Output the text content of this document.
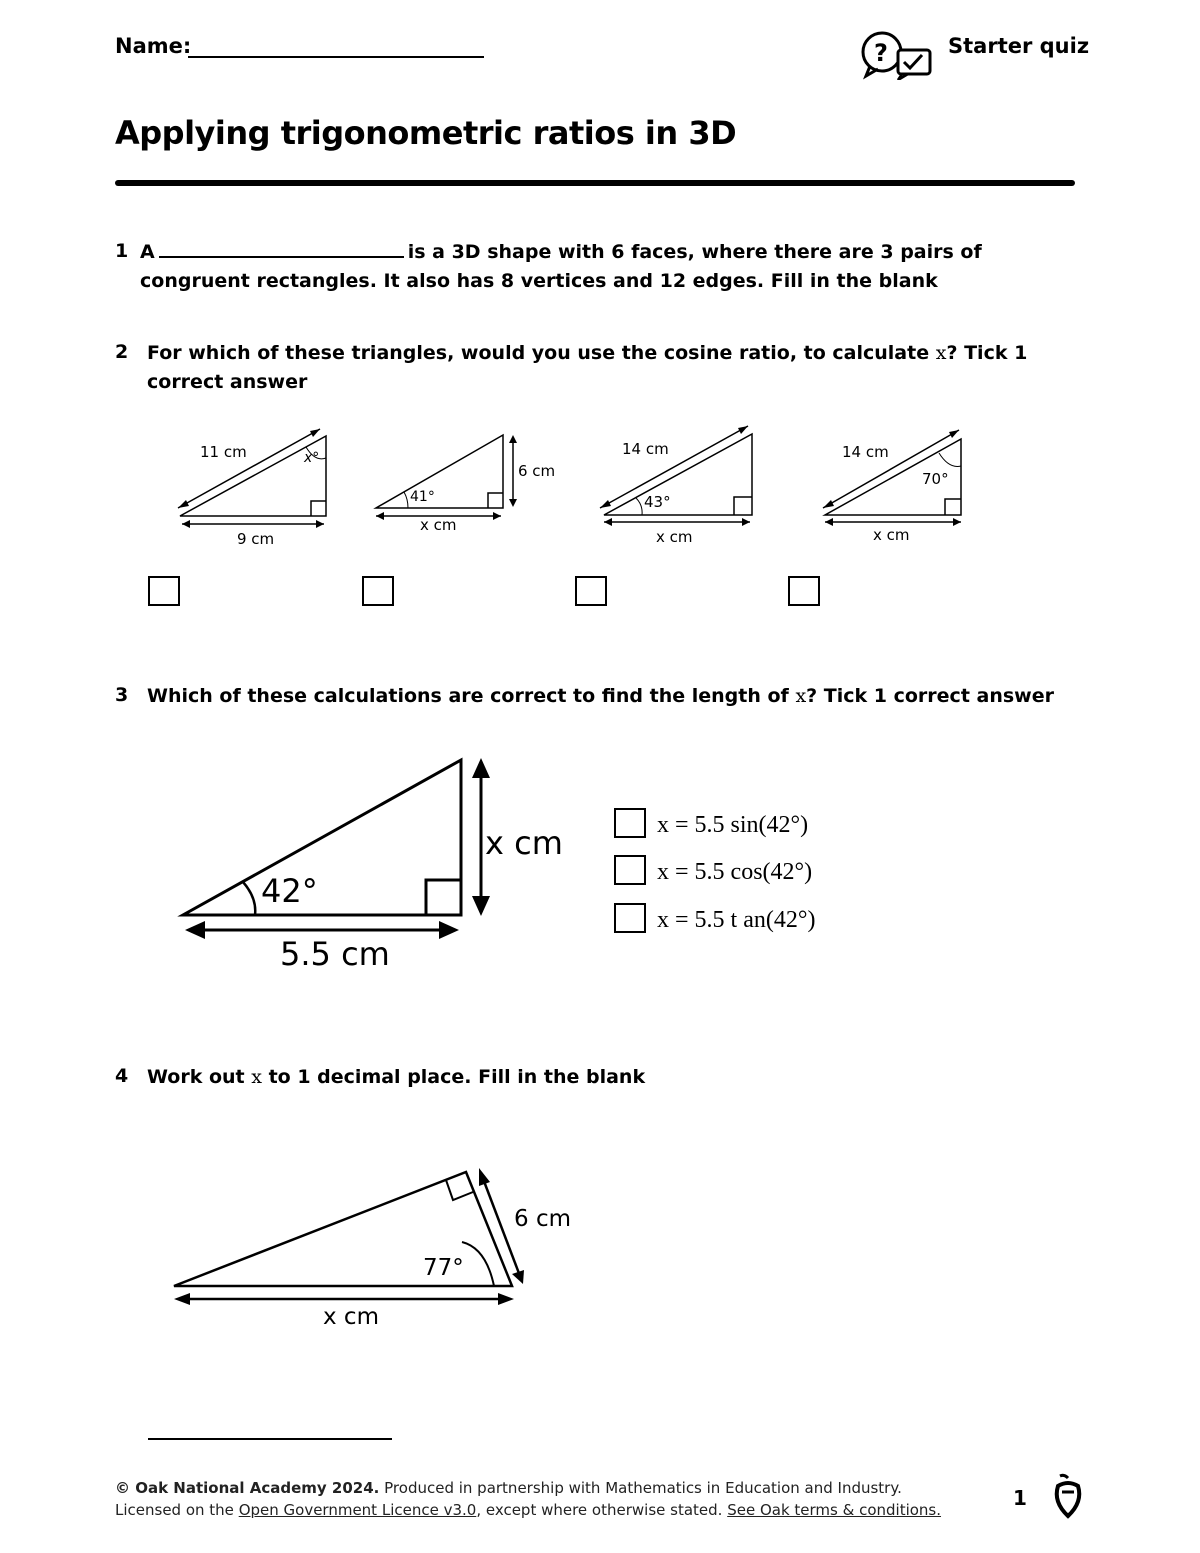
Name:	?	Starter quiz
Applying trigonometric ratios in 3D
1 A	is a 3D shape with 6 faces, where there are 3 pairs of
congruent rectangles. It also has 8 vertices and 12 edges. Fill in the blank
2 For which of these triangles, would you use the cosine ratio, to calculate x? Tick 1
correct answer
11 cm	x°
9 cm
41°
6 cm
x cm
14 cm
43°
x cm
14 cm
70°
x cm
3 Which of these calculations are correct to find the length of x? Tick 1 correct answer
42°
x cm
5.5 cm
x = 5.5 sin(42°)
x = 5.5 cos(42°)
x = 5.5 t an(42°)
4 Work out x to 1 decimal place. Fill in the blank
77°
6 cm
x cm
© Oak National Academy 2024. Produced in partnership with Mathematics in Education and Industry.
Licensed on the Open Government Licence v3.0, except where otherwise stated. See Oak terms & conditions.	1
